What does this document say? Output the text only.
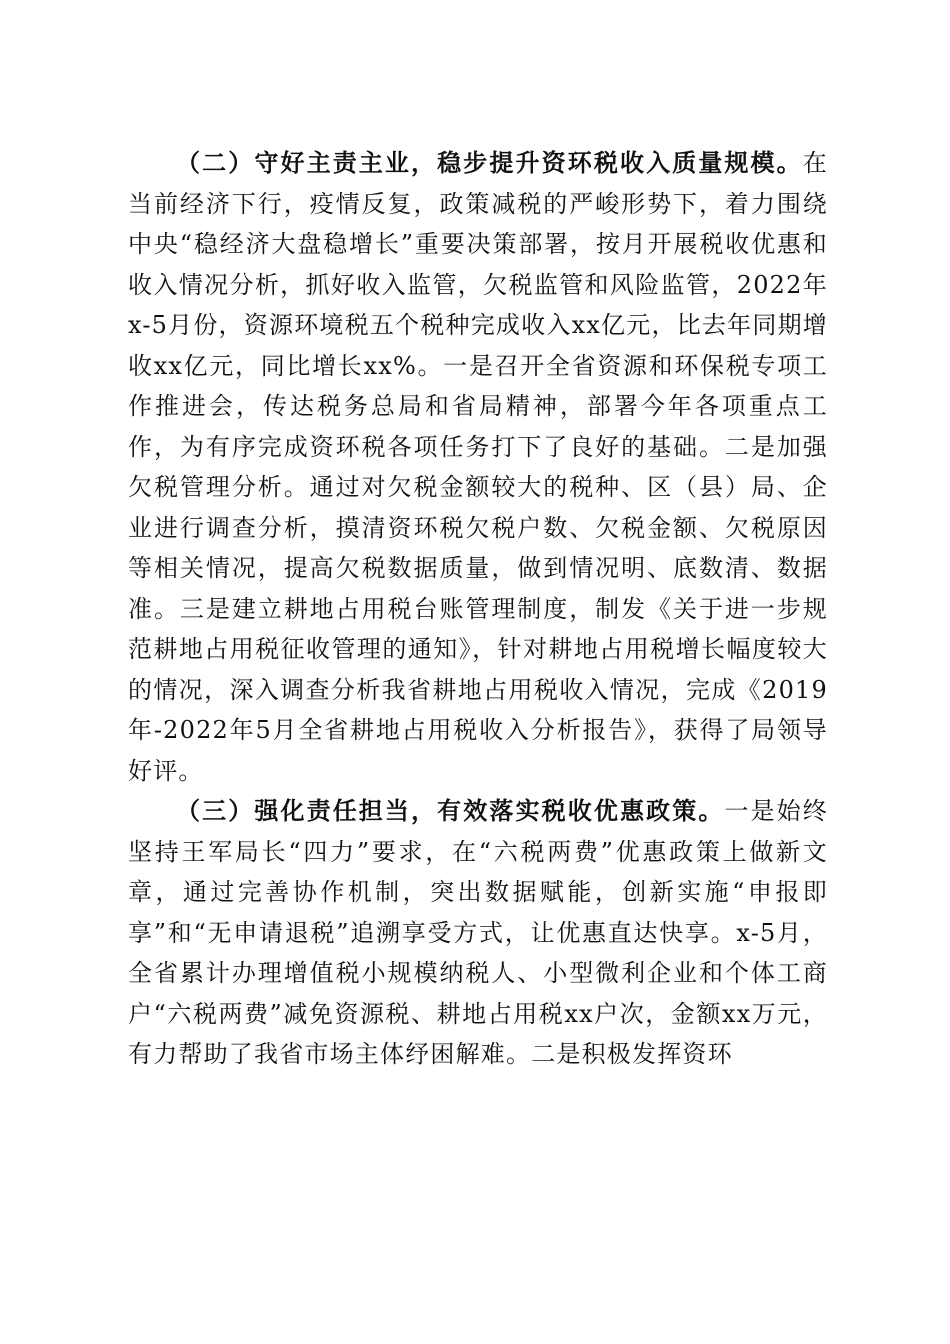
（二）守好主责主业，稳步提升资环税收入质量规模。在当前经济下行，疫情反复，政策减税的严峻形势下，着力围绕中央“稳经济大盘稳增长”重要决策部署，按月开展税收优惠和收入情况分析，抓好收入监管，欠税监管和风险监管，2022年x-5月份，资源环境税五个税种完成收入xx亿元，比去年同期增收xx亿元，同比增长xx%。一是召开全省资源和环保税专项工作推进会，传达税务总局和省局精神，部署今年各项重点工作，为有序完成资环税各项任务打下了良好的基础。二是加强欠税管理分析。通过对欠税金额较大的税种、区（县）局、企业进行调查分析，摸清资环税欠税户数、欠税金额、欠税原因等相关情况，提高欠税数据质量，做到情况明、底数清、数据准。三是建立耕地占用税台账管理制度，制发《关于进一步规范耕地占用税征收管理的通知》，针对耕地占用税增长幅度较大的情况，深入调查分析我省耕地占用税收入情况，完成《2019年-2022年5月全省耕地占用税收入分析报告》，获得了局领导好评。

（三）强化责任担当，有效落实税收优惠政策。一是始终坚持王军局长“四力”要求，在“六税两费”优惠政策上做新文章，通过完善协作机制，突出数据赋能，创新实施“申报即享”和“无申请退税”追溯享受方式，让优惠直达快享。x-5月，全省累计办理增值税小规模纳税人、小型微利企业和个体工商户“六税两费”减免资源税、耕地占用税xx户次，金额xx万元，有力帮助了我省市场主体纾困解难。二是积极发挥资环
